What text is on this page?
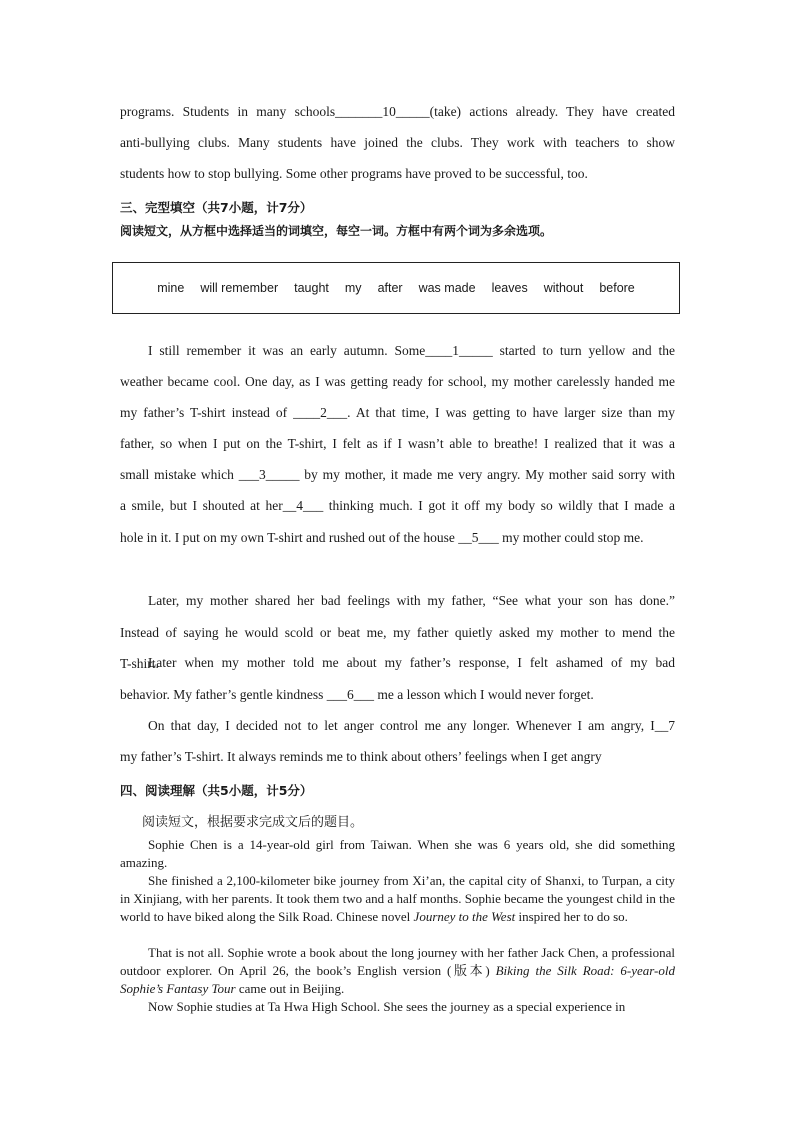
programs. Students in many schools_______10_____(take) actions already. They have created
anti-bullying clubs. Many students have joined the clubs. They work with teachers to show
students how to stop bullying. Some other programs have proved to be successful, too.
三、完型填空（共7小题，计7分）
阅读短文，从方框中选择适当的词填空，每空一词。方框中有两个词为多余选项。
mine will remember taught my after was made leaves without before
I still remember it was an early autumn. Some____1_____ started to turn yellow and the
weather became cool. One day, as I was getting ready for school, my mother carelessly handed me
my father’s T-shirt instead of ____2___. At that time, I was getting to have larger size than my
father, so when I put on the T-shirt, I felt as if I wasn’t able to breathe! I realized that it was a
small mistake which ___3_____ by my mother, it made me very angry. My mother said sorry with
a smile, but I shouted at her__4___ thinking much. I got it off my body so wildly that I made a
hole in it. I put on my own T-shirt and rushed out of the house __5___ my mother could stop me.
Later, my mother shared her bad feelings with my father, “See what your son has done.”
Instead of saying he would scold or beat me, my father quietly asked my mother to mend the
T-shirt.
Later when my mother told me about my father’s response, I felt ashamed of my bad
behavior. My father’s gentle kindness ___6___ me a lesson which I would never forget.
On that day, I decided not to let anger control me any longer. Whenever I am angry, I__7
my father’s T-shirt. It always reminds me to think about others’ feelings when I get angry
四、阅读理解（共5小题，计5分）
阅读短文，根据要求完成文后的题目。
Sophie Chen is a 14-year-old girl from Taiwan. When she was 6 years old, she did something amazing.
She finished a 2,100-kilometer bike journey from Xi’an, the capital city of Shanxi, to Turpan, a city in Xinjiang, with her parents. It took them two and a half months. Sophie became the youngest child in the world to have biked along the Silk Road. Chinese novel Journey to the West inspired her to do so.
That is not all. Sophie wrote a book about the long journey with her father Jack Chen, a professional outdoor explorer. On April 26, the book’s English version (版本) Biking the Silk Road: 6-year-old Sophie’s Fantasy Tour came out in Beijing.
Now Sophie studies at Ta Hwa High School. She sees the journey as a special experience in
